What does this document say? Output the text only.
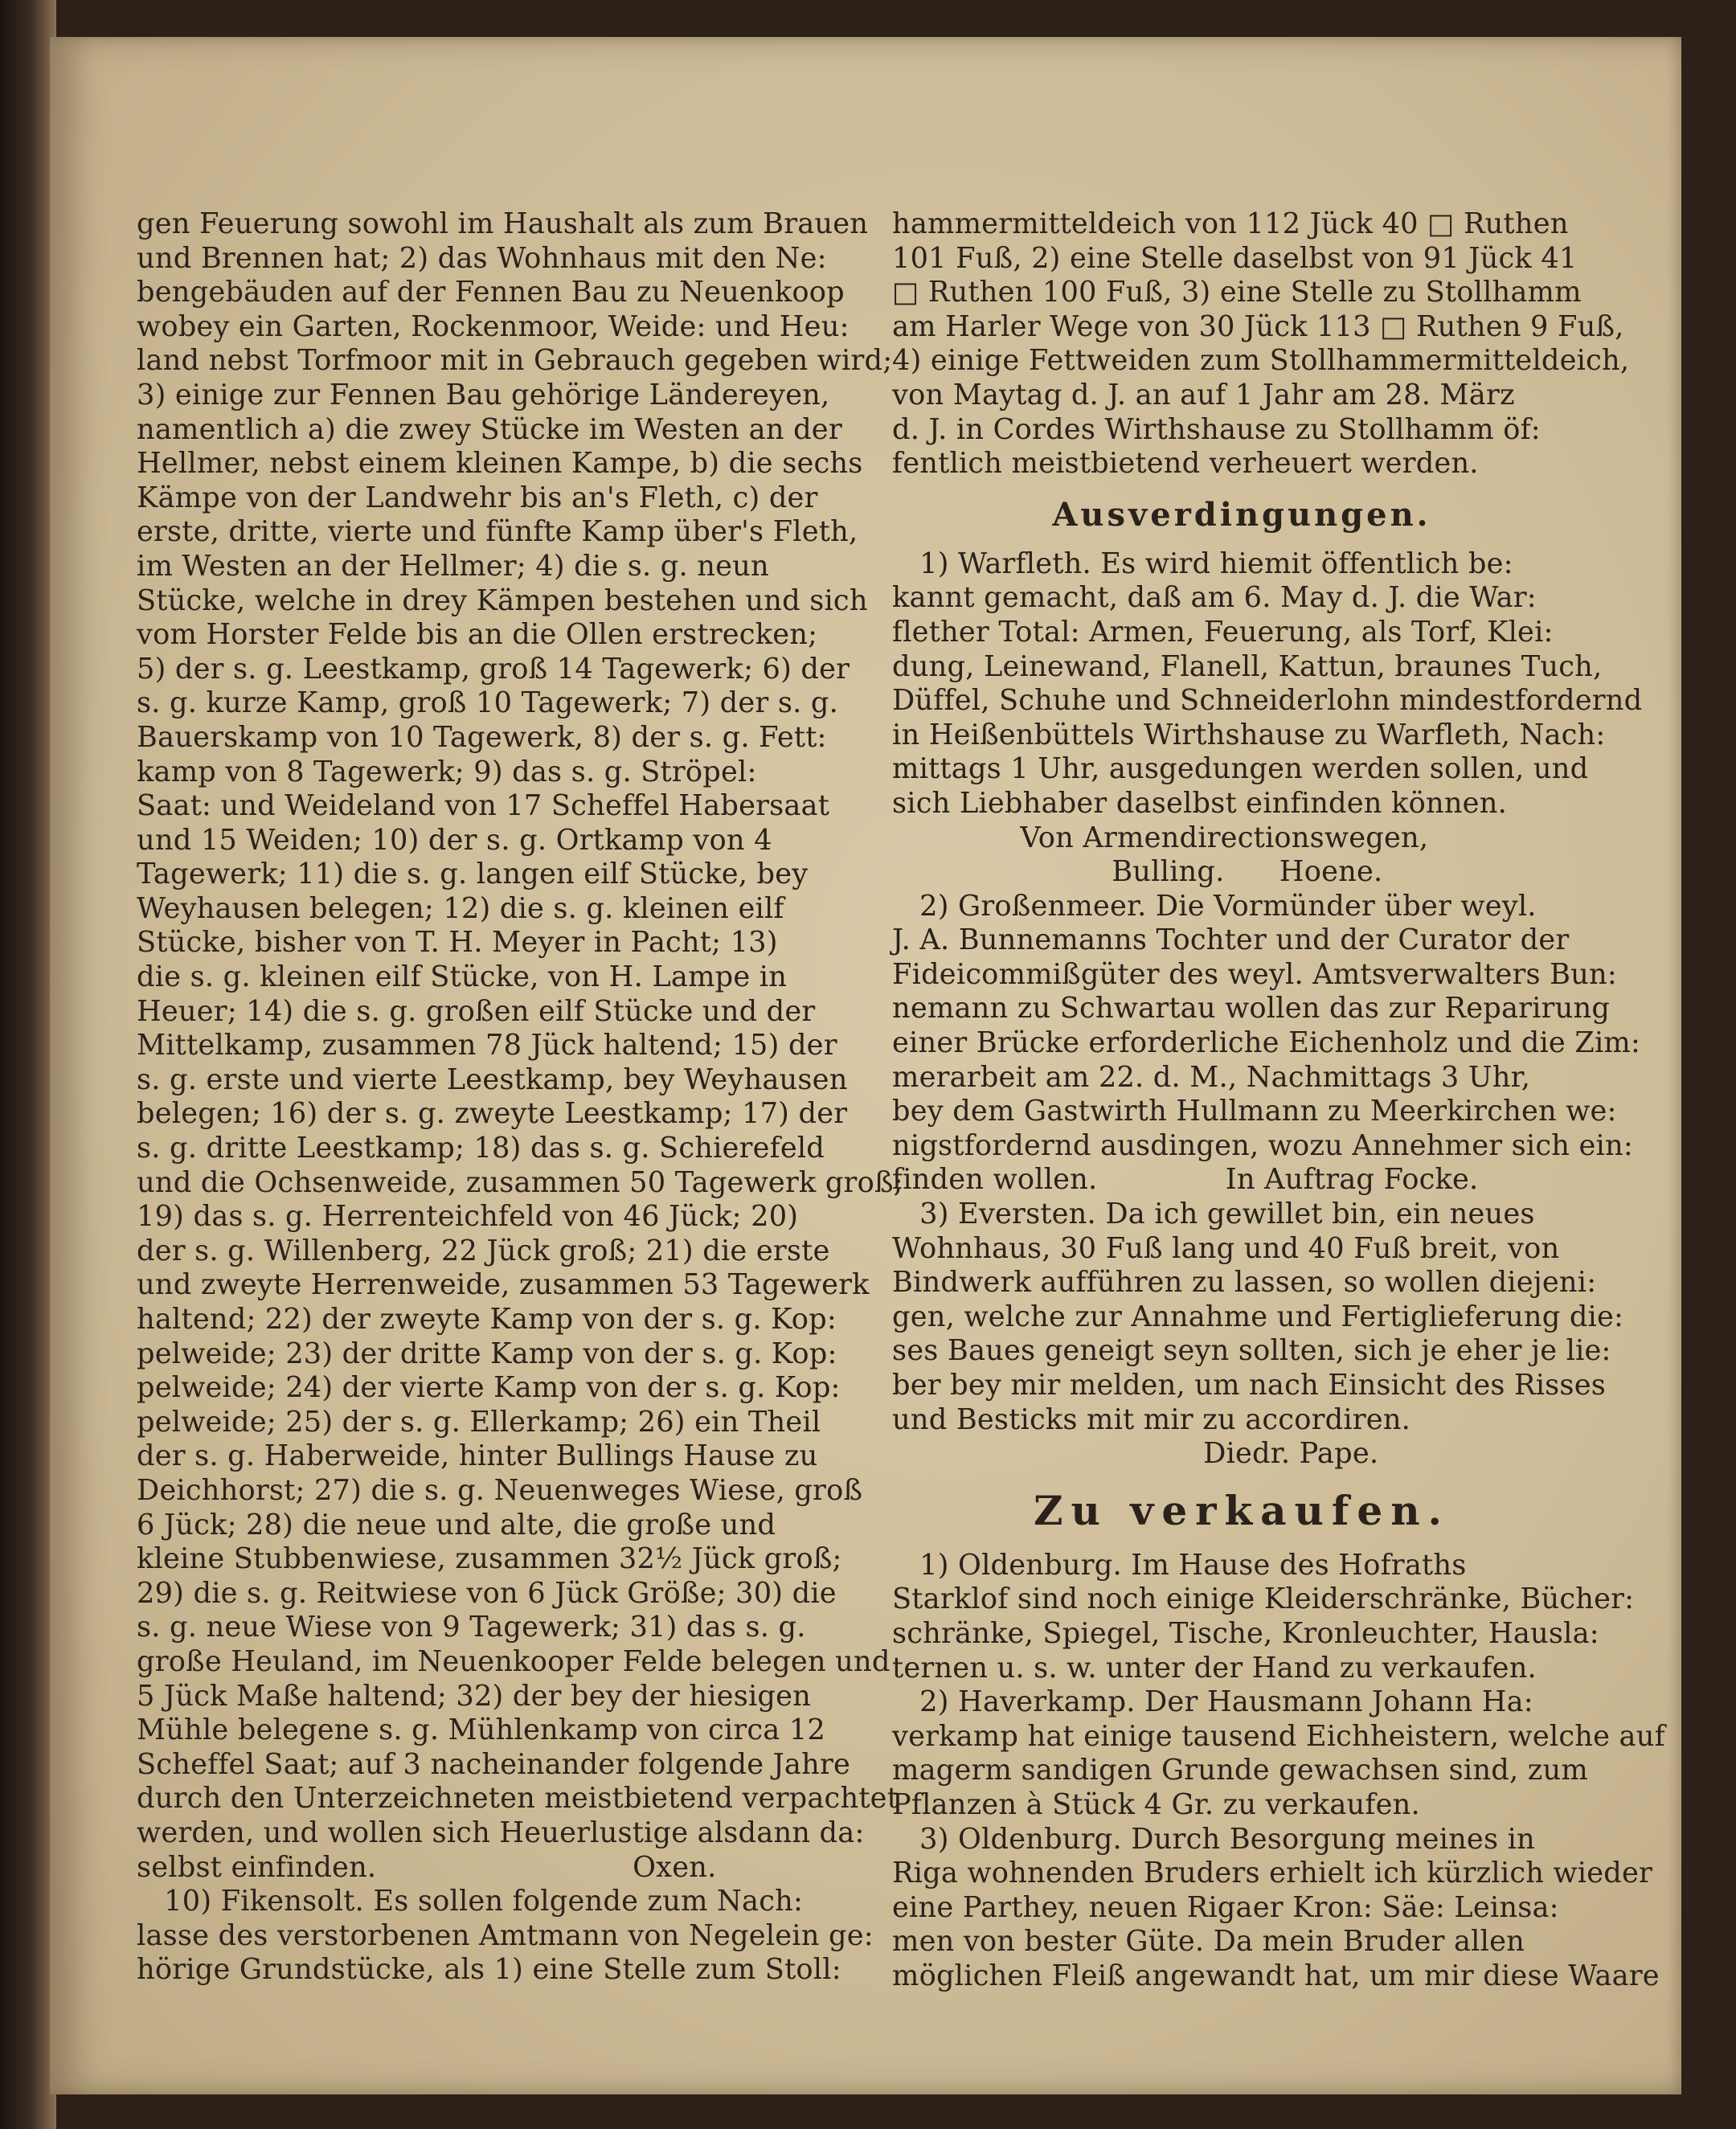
gen Feuerung sowohl im Haushalt als zum Brauen
und Brennen hat; 2) das Wohnhaus mit den Ne:
bengebäuden auf der Fennen Bau zu Neuenkoop
wobey ein Garten, Rockenmoor, Weide: und Heu:
land nebst Torfmoor mit in Gebrauch gegeben wird;
3) einige zur Fennen Bau gehörige Ländereyen,
namentlich a) die zwey Stücke im Westen an der
Hellmer, nebst einem kleinen Kampe, b) die sechs
Kämpe von der Landwehr bis an's Fleth, c) der
erste, dritte, vierte und fünfte Kamp über's Fleth,
im Westen an der Hellmer; 4) die s. g. neun
Stücke, welche in drey Kämpen bestehen und sich
vom Horster Felde bis an die Ollen erstrecken;
5) der s. g. Leestkamp, groß 14 Tagewerk; 6) der
s. g. kurze Kamp, groß 10 Tagewerk; 7) der s. g.
Bauerskamp von 10 Tagewerk, 8) der s. g. Fett:
kamp von 8 Tagewerk; 9) das s. g. Ströpel:
Saat: und Weideland von 17 Scheffel Habersaat
und 15 Weiden; 10) der s. g. Ortkamp von 4
Tagewerk; 11) die s. g. langen eilf Stücke, bey
Weyhausen belegen; 12) die s. g. kleinen eilf
Stücke, bisher von T. H. Meyer in Pacht; 13)
die s. g. kleinen eilf Stücke, von H. Lampe in
Heuer; 14) die s. g. großen eilf Stücke und der
Mittelkamp, zusammen 78 Jück haltend; 15) der
s. g. erste und vierte Leestkamp, bey Weyhausen
belegen; 16) der s. g. zweyte Leestkamp; 17) der
s. g. dritte Leestkamp; 18) das s. g. Schierefeld
und die Ochsenweide, zusammen 50 Tagewerk groß;
19) das s. g. Herrenteichfeld von 46 Jück; 20)
der s. g. Willenberg, 22 Jück groß; 21) die erste
und zweyte Herrenweide, zusammen 53 Tagewerk
haltend; 22) der zweyte Kamp von der s. g. Kop:
pelweide; 23) der dritte Kamp von der s. g. Kop:
pelweide; 24) der vierte Kamp von der s. g. Kop:
pelweide; 25) der s. g. Ellerkamp; 26) ein Theil
der s. g. Haberweide, hinter Bullings Hause zu
Deichhorst; 27) die s. g. Neuenweges Wiese, groß
6 Jück; 28) die neue und alte, die große und
kleine Stubbenwiese, zusammen 32½ Jück groß;
29) die s. g. Reitwiese von 6 Jück Größe; 30) die
s. g. neue Wiese von 9 Tagewerk; 31) das s. g.
große Heuland, im Neuenkooper Felde belegen und
5 Jück Maße haltend; 32) der bey der hiesigen
Mühle belegene s. g. Mühlenkamp von circa 12
Scheffel Saat; auf 3 nacheinander folgende Jahre
durch den Unterzeichneten meistbietend verpachtet
werden, und wollen sich Heuerlustige alsdann da:
selbst einfinden.                            Oxen.
10) Fikensolt. Es sollen folgende zum Nach:
lasse des verstorbenen Amtmann von Negelein ge:
hörige Grundstücke, als 1) eine Stelle zum Stoll:
hammermitteldeich von 112 Jück 40 □ Ruthen
101 Fuß, 2) eine Stelle daselbst von 91 Jück 41
□ Ruthen 100 Fuß, 3) eine Stelle zu Stollhamm
am Harler Wege von 30 Jück 113 □ Ruthen 9 Fuß,
4) einige Fettweiden zum Stollhammermitteldeich,
von Maytag d. J. an auf 1 Jahr am 28. März
d. J. in Cordes Wirthshause zu Stollhamm öf:
fentlich meistbietend verheuert werden.
Ausverdingungen.
1) Warfleth. Es wird hiemit öffentlich be:
kannt gemacht, daß am 6. May d. J. die War:
flether Total: Armen, Feuerung, als Torf, Klei:
dung, Leinewand, Flanell, Kattun, braunes Tuch,
Düffel, Schuhe und Schneiderlohn mindestfordernd
in Heißenbüttels Wirthshause zu Warfleth, Nach:
mittags 1 Uhr, ausgedungen werden sollen, und
sich Liebhaber daselbst einfinden können.
Von Armendirectionswegen,
Bulling.      Hoene.
2) Großenmeer. Die Vormünder über weyl.
J. A. Bunnemanns Tochter und der Curator der
Fideicommißgüter des weyl. Amtsverwalters Bun:
nemann zu Schwartau wollen das zur Reparirung
einer Brücke erforderliche Eichenholz und die Zim:
merarbeit am 22. d. M., Nachmittags 3 Uhr,
bey dem Gastwirth Hullmann zu Meerkirchen we:
nigstfordernd ausdingen, wozu Annehmer sich ein:
finden wollen.              In Auftrag Focke.
3) Eversten. Da ich gewillet bin, ein neues
Wohnhaus, 30 Fuß lang und 40 Fuß breit, von
Bindwerk aufführen zu lassen, so wollen diejeni:
gen, welche zur Annahme und Fertiglieferung die:
ses Baues geneigt seyn sollten, sich je eher je lie:
ber bey mir melden, um nach Einsicht des Risses
und Besticks mit mir zu accordiren.
Diedr. Pape.
Zu verkaufen.
1) Oldenburg. Im Hause des Hofraths
Starklof sind noch einige Kleiderschränke, Bücher:
schränke, Spiegel, Tische, Kronleuchter, Hausla:
ternen u. s. w. unter der Hand zu verkaufen.
2) Haverkamp. Der Hausmann Johann Ha:
verkamp hat einige tausend Eichheistern, welche auf
magerm sandigen Grunde gewachsen sind, zum
Pflanzen à Stück 4 Gr. zu verkaufen.
3) Oldenburg. Durch Besorgung meines in
Riga wohnenden Bruders erhielt ich kürzlich wieder
eine Parthey, neuen Rigaer Kron: Säe: Leinsa:
men von bester Güte. Da mein Bruder allen
möglichen Fleiß angewandt hat, um mir diese Waare
